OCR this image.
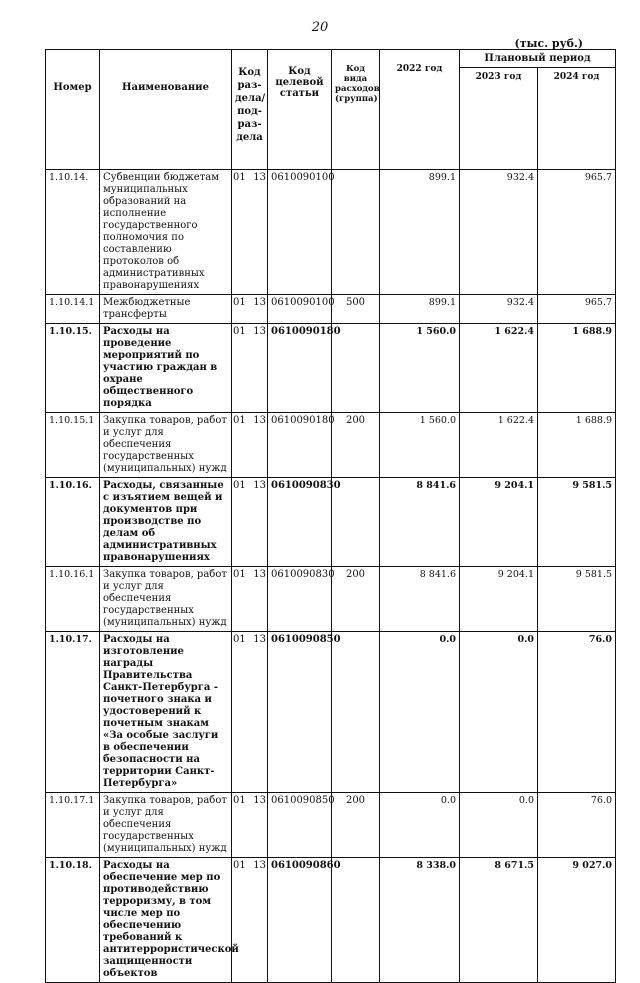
20
(тыс. руб.)
Номер	Наименование	Код раз-дела/ под-раз-дела	Код целевой статьи	Код вида расходов (группа)	2022 год	Плановый период	
						2023 год	2024 год
1.10.14.	Субвенции бюджетам муниципальных образований на исполнение государственного полномочия по составлению протоколов об административных правонарушениях	01 13	0610090100		899.1	932.4	965.7
1.10.14.1	Межбюджетные трансферты	01 13	0610090100	500	899.1	932.4	965.7
1.10.15.	Расходы на проведение мероприятий по участию граждан в охране общественного порядка	01 13	0610090180		1 560.0	1 622.4	1 688.9
1.10.15.1	Закупка товаров, работ и услуг для обеспечения государственных (муниципальных) нужд	01 13	0610090180	200	1 560.0	1 622.4	1 688.9
1.10.16.	Расходы, связанные с изъятием вещей и документов при производстве по делам об административных правонарушениях	01 13	0610090830		8 841.6	9 204.1	9 581.5
1.10.16.1	Закупка товаров, работ и услуг для обеспечения государственных (муниципальных) нужд	01 13	0610090830	200	8 841.6	9 204.1	9 581.5
1.10.17.	Расходы на изготовление награды Правительства Санкт-Петербурга - почетного знака и удостоверений к почетным знакам «За особые заслуги в обеспечении безопасности на территории Санкт-Петербурга»	01 13	0610090850		0.0	0.0	76.0
1.10.17.1	Закупка товаров, работ и услуг для обеспечения государственных (муниципальных) нужд	01 13	0610090850	200	0.0	0.0	76.0
1.10.18.	Расходы на обеспечение мер по противодействию терроризму, в том числе мер по обеспечению требований к антитеррористической защищенности объектов	01 13	0610090860		8 338.0	8 671.5	9 027.0
